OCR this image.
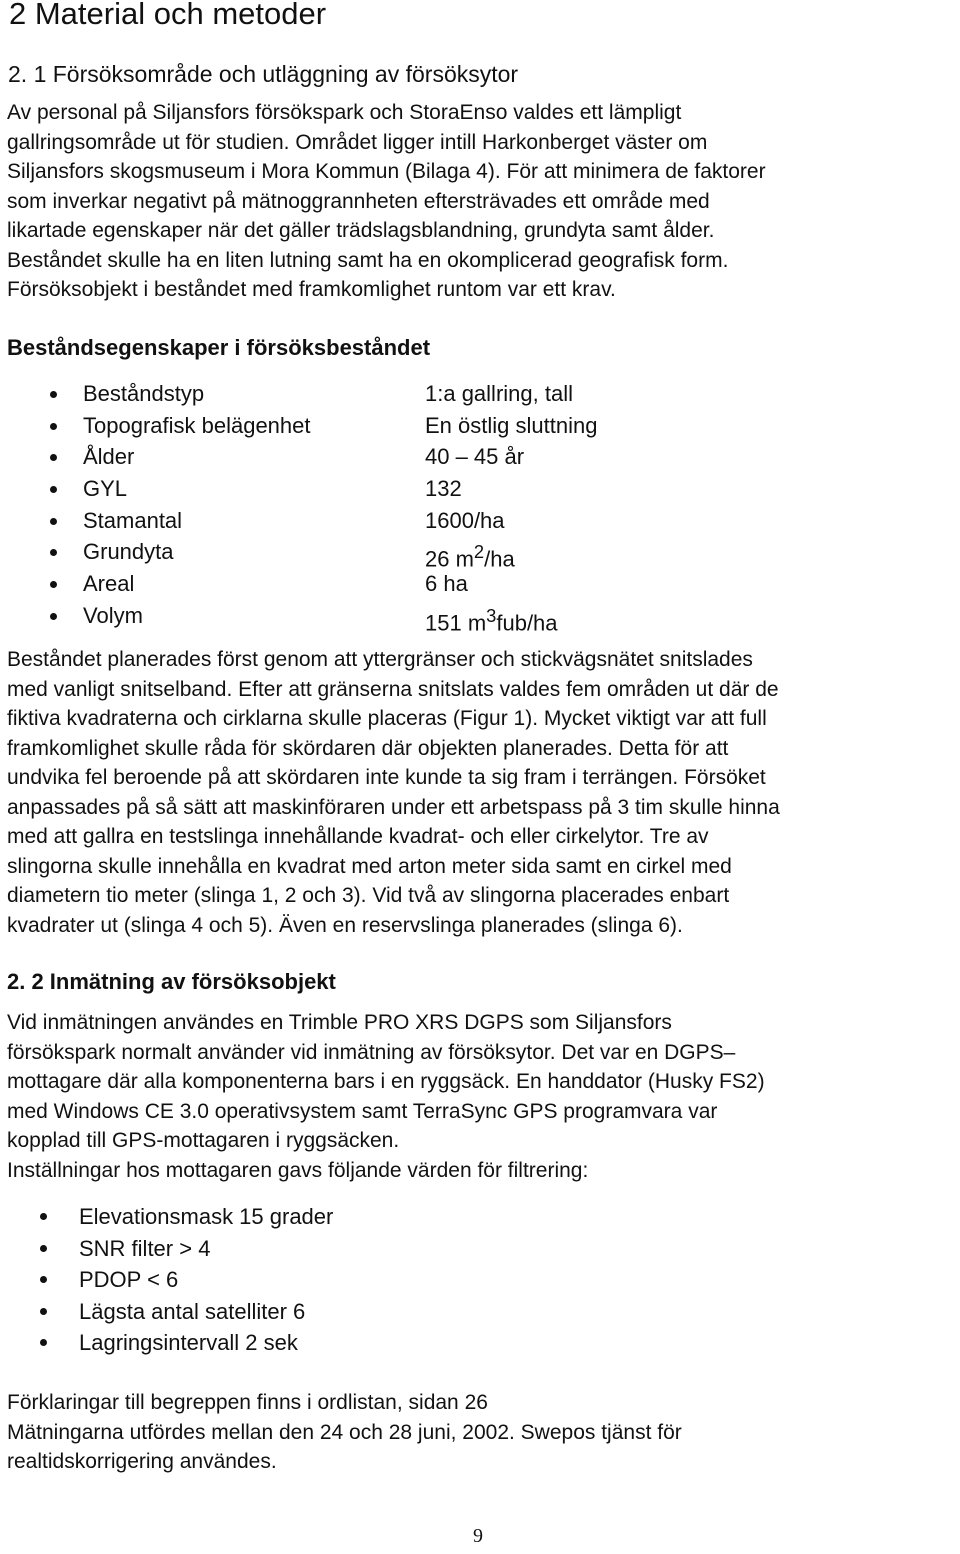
2 Material och metoder
2. 1 Försöksområde och utläggning av försöksytor

Av personal på Siljansfors försökspark och StoraEnso valdes ett lämpligt
gallringsområde ut för studien. Området ligger intill Harkonberget väster om
Siljansfors skogsmuseum i Mora Kommun (Bilaga 4). För att minimera de faktorer
som inverkar negativt på mätnoggrannheten eftersträvades ett område med
likartade egenskaper när det gäller trädslagsblandning, grundyta samt ålder.
Beståndet skulle ha en liten lutning samt ha en okomplicerad geografisk form.
Försöksobjekt i beståndet med framkomlighet runtom var ett krav.

Beståndsegenskaper i försöksbeståndet
Beståndstyp	1:a gallring, tall
Topografisk belägenhet	En östlig sluttning
Ålder	40 – 45 år
GYL	132
Stamantal	1600/ha
Grundyta	26 $m^2/ha$
Areal	6 ha
Volym	151 $m^3fub/ha$

Beståndet planerades först genom att yttergränser och stickvägsnätet snitslades
med vanligt snitselband. Efter att gränserna snitslats valdes fem områden ut där de
fiktiva kvadraterna och cirklarna skulle placeras (Figur 1). Mycket viktigt var att full
framkomlighet skulle råda för skördaren där objekten planerades. Detta för att
undvika fel beroende på att skördaren inte kunde ta sig fram i terrängen. Försöket
anpassades på så sätt att maskinföraren under ett arbetspass på 3 tim skulle hinna
med att gallra en testslinga innehållande kvadrat- och eller cirkelytor. Tre av
slingorna skulle innehålla en kvadrat med arton meter sida samt en cirkel med
diametern tio meter (slinga 1, 2 och 3). Vid två av slingorna placerades enbart
kvadrater ut (slinga 4 och 5). Även en reservslinga planerades (slinga 6).

2. 2 Inmätning av försöksobjekt

Vid inmätningen användes en Trimble PRO XRS DGPS som Siljansfors
försökspark normalt använder vid inmätning av försöksytor. Det var en DGPS–
mottagare där alla komponenterna bars i en ryggsäck. En handdator (Husky FS2)
med Windows CE 3.0 operativsystem samt TerraSync GPS programvara var
kopplad till GPS-mottagaren i ryggsäcken.
Inställningar hos mottagaren gavs följande värden för filtrering:

Elevationsmask 15 grader
SNR filter > 4
PDOP < 6
Lägsta antal satelliter 6
Lagringsintervall 2 sek

Förklaringar till begreppen finns i ordlistan, sidan 26
Mätningarna utfördes mellan den 24 och 28 juni, 2002. Swepos tjänst för
realtidskorrigering användes.

9
